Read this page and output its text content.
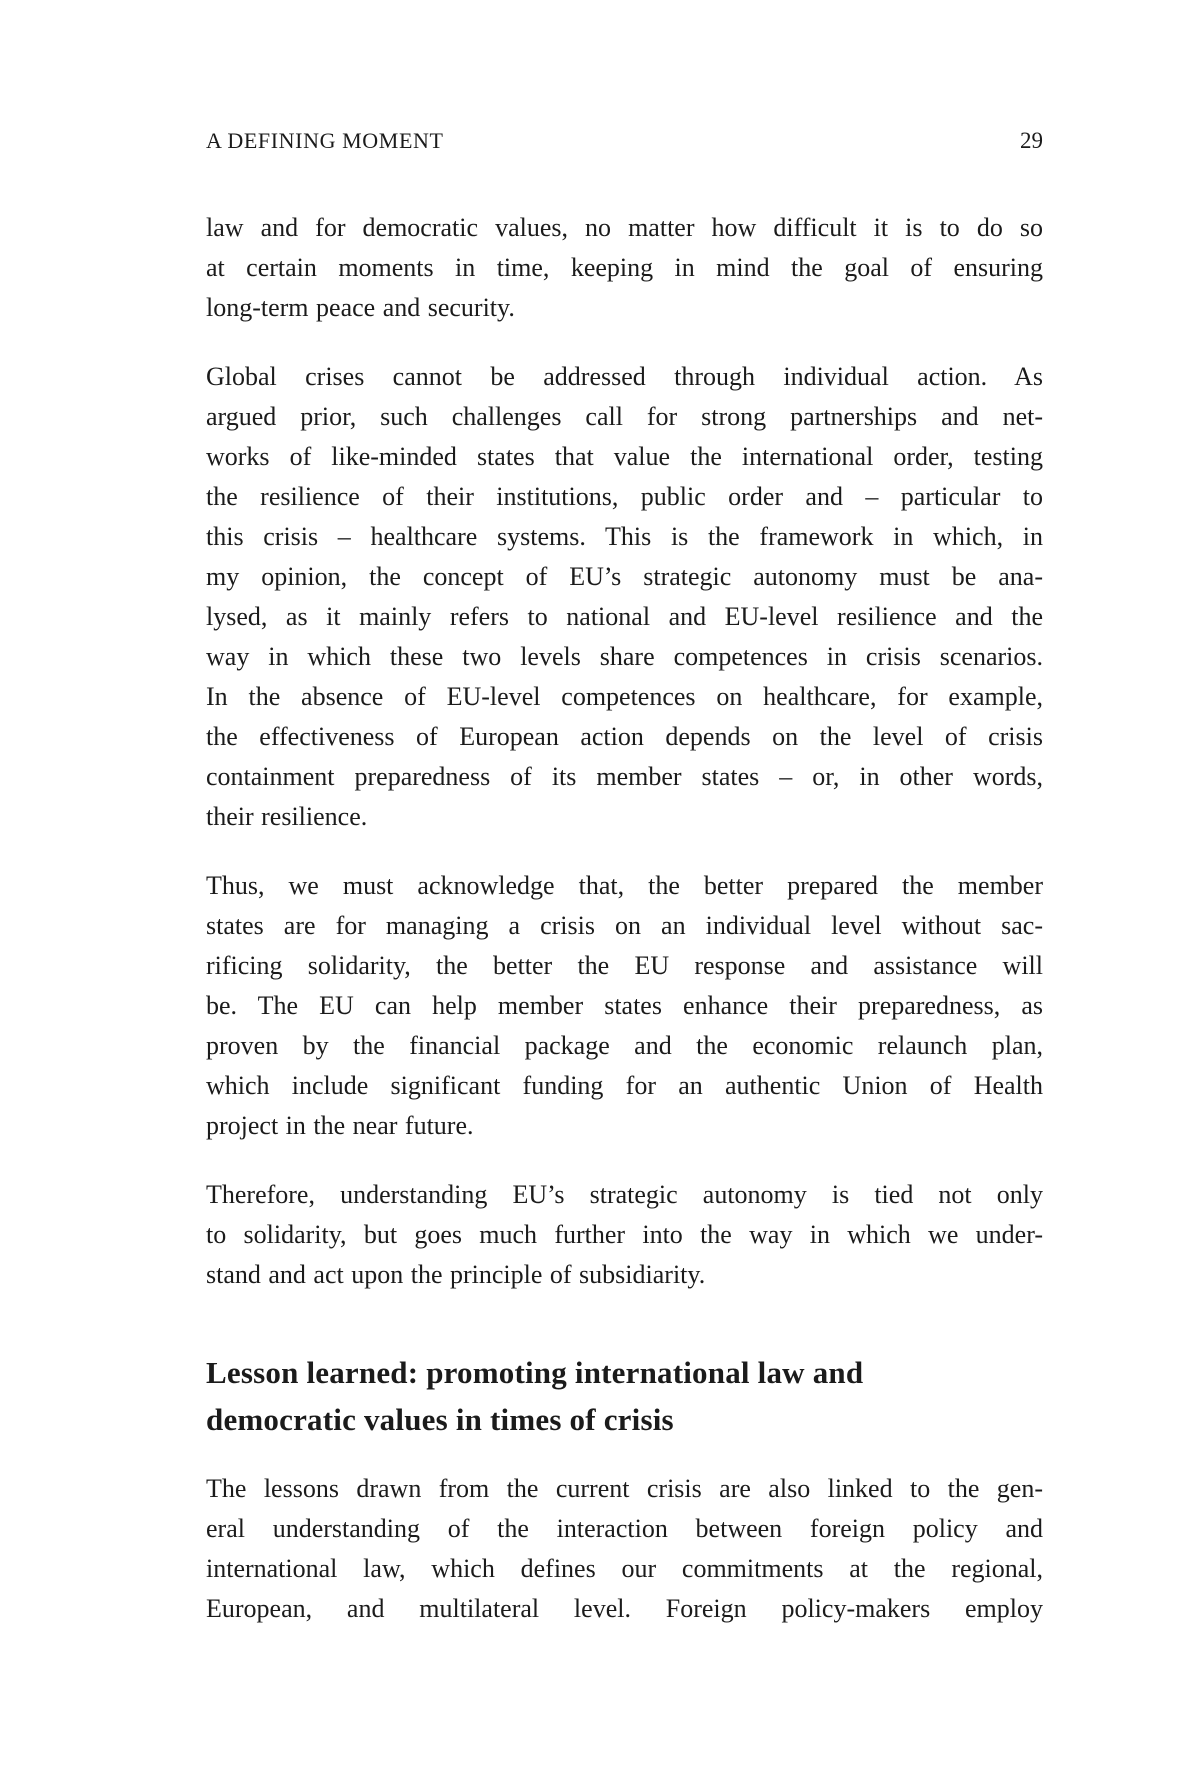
A DEFINING MOMENT	29
law and for democratic values, no matter how difficult it is to do so
at certain moments in time, keeping in mind the goal of ensuring
long-term peace and security.
Global crises cannot be addressed through individual action. As
argued prior, such challenges call for strong partnerships and net-
works of like-minded states that value the international order, testing
the resilience of their institutions, public order and – particular to
this crisis – healthcare systems. This is the framework in which, in
my opinion, the concept of EU’s strategic autonomy must be ana-
lysed, as it mainly refers to national and EU-level resilience and the
way in which these two levels share competences in crisis scenarios.
In the absence of EU-level competences on healthcare, for example,
the effectiveness of European action depends on the level of crisis
containment preparedness of its member states – or, in other words,
their resilience.
Thus, we must acknowledge that, the better prepared the member
states are for managing a crisis on an individual level without sac-
rificing solidarity, the better the EU response and assistance will
be. The EU can help member states enhance their preparedness, as
proven by the financial package and the economic relaunch plan,
which include significant funding for an authentic Union of Health
project in the near future.
Therefore, understanding EU’s strategic autonomy is tied not only
to solidarity, but goes much further into the way in which we under-
stand and act upon the principle of subsidiarity.
Lesson learned: promoting international law and
democratic values in times of crisis
The lessons drawn from the current crisis are also linked to the gen-
eral understanding of the interaction between foreign policy and
international law, which defines our commitments at the regional,
European, and multilateral level. Foreign policy-makers employ
